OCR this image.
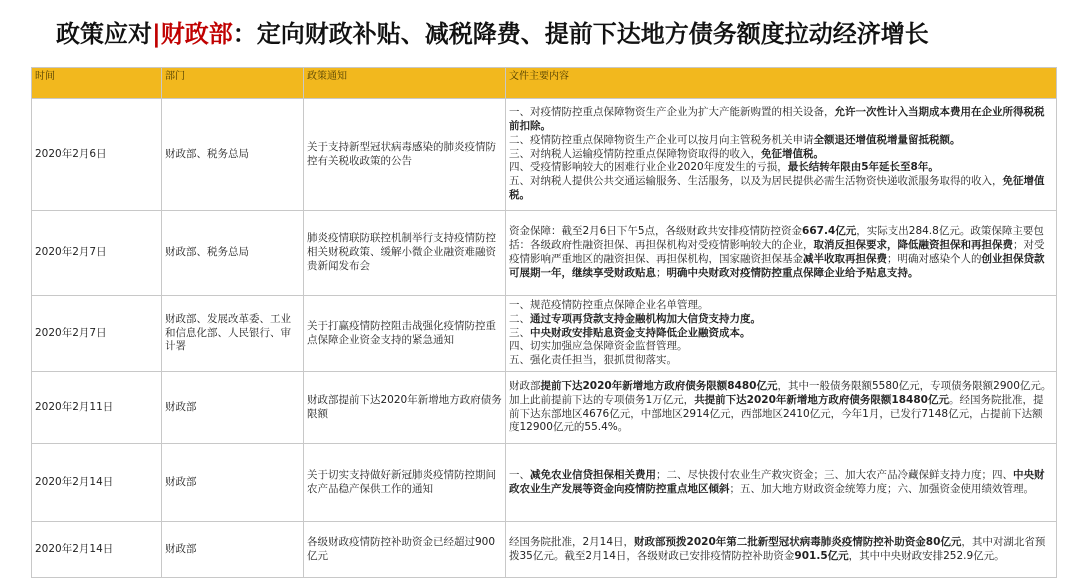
政策应对|财政部：定向财政补贴、减税降费、提前下达地方债务额度拉动经济增长
时间	部门	政策通知	文件主要内容
2020年2月6日	财政部、税务总局	关于支持新型冠状病毒感染的肺炎疫情防控有关税收政策的公告	一、对疫情防控重点保障物资生产企业为扩大产能新购置的相关设备，允许一次性计入当期成本费用在企业所得税税前扣除。
二、疫情防控重点保障物资生产企业可以按月向主管税务机关申请全额退还增值税增量留抵税额。
三、对纳税人运输疫情防控重点保障物资取得的收入，免征增值税。
四、受疫情影响较大的困难行业企业2020年度发生的亏损，最长结转年限由5年延长至8年。
五、对纳税人提供公共交通运输服务、生活服务，以及为居民提供必需生活物资快递收派服务取得的收入，免征增值税。

2020年2月7日	财政部、税务总局	肺炎疫情联防联控机制举行支持疫情防控相关财税政策、缓解小微企业融资难融资贵新闻发布会	资金保障：截至2月6日下午5点，各级财政共安排疫情防控资金667.4亿元，实际支出284.8亿元。政策保障主要包括：各级政府性融资担保、再担保机构对受疫情影响较大的企业，取消反担保要求，降低融资担保和再担保费；对受疫情影响严重地区的融资担保、再担保机构，国家融资担保基金减半收取再担保费；明确对感染个人的创业担保贷款可展期一年，继续享受财政贴息；明确中央财政对疫情防控重点保障企业给予贴息支持。

2020年2月7日	财政部、发展改革委、工业和信息化部、人民银行、审计署	关于打赢疫情防控阻击战强化疫情防控重点保障企业资金支持的紧急通知	一、规范疫情防控重点保障企业名单管理。
二、通过专项再贷款支持金融机构加大信贷支持力度。
三、中央财政安排贴息资金支持降低企业融资成本。
四、切实加强应急保障资金监督管理。
五、强化责任担当，狠抓贯彻落实。

2020年2月11日	财政部	财政部提前下达2020年新增地方政府债务限额	财政部提前下达2020年新增地方政府债务限额8480亿元，其中一般债务限额5580亿元，专项债务限额2900亿元。加上此前提前下达的专项债务1万亿元，共提前下达2020年新增地方政府债务限额18480亿元。经国务院批准，提前下达东部地区4676亿元，中部地区2914亿元，西部地区2410亿元，今年1月，已发行7148亿元，占提前下达额度12900亿元的55.4%。

2020年2月14日	财政部	关于切实支持做好新冠肺炎疫情防控期间农产品稳产保供工作的通知	一、减免农业信贷担保相关费用；二、尽快拨付农业生产救灾资金；三、加大农产品冷藏保鲜支持力度；四、中央财政农业生产发展等资金向疫情防控重点地区倾斜；五、加大地方财政资金统筹力度；六、加强资金使用绩效管理。

2020年2月14日	财政部	各级财政疫情防控补助资金已经超过900亿元	经国务院批准，2月14日，财政部预拨2020年第二批新型冠状病毒肺炎疫情防控补助资金80亿元，其中对湖北省预拨35亿元。截至2月14日，各级财政已安排疫情防控补助资金901.5亿元，其中中央财政安排252.9亿元。
